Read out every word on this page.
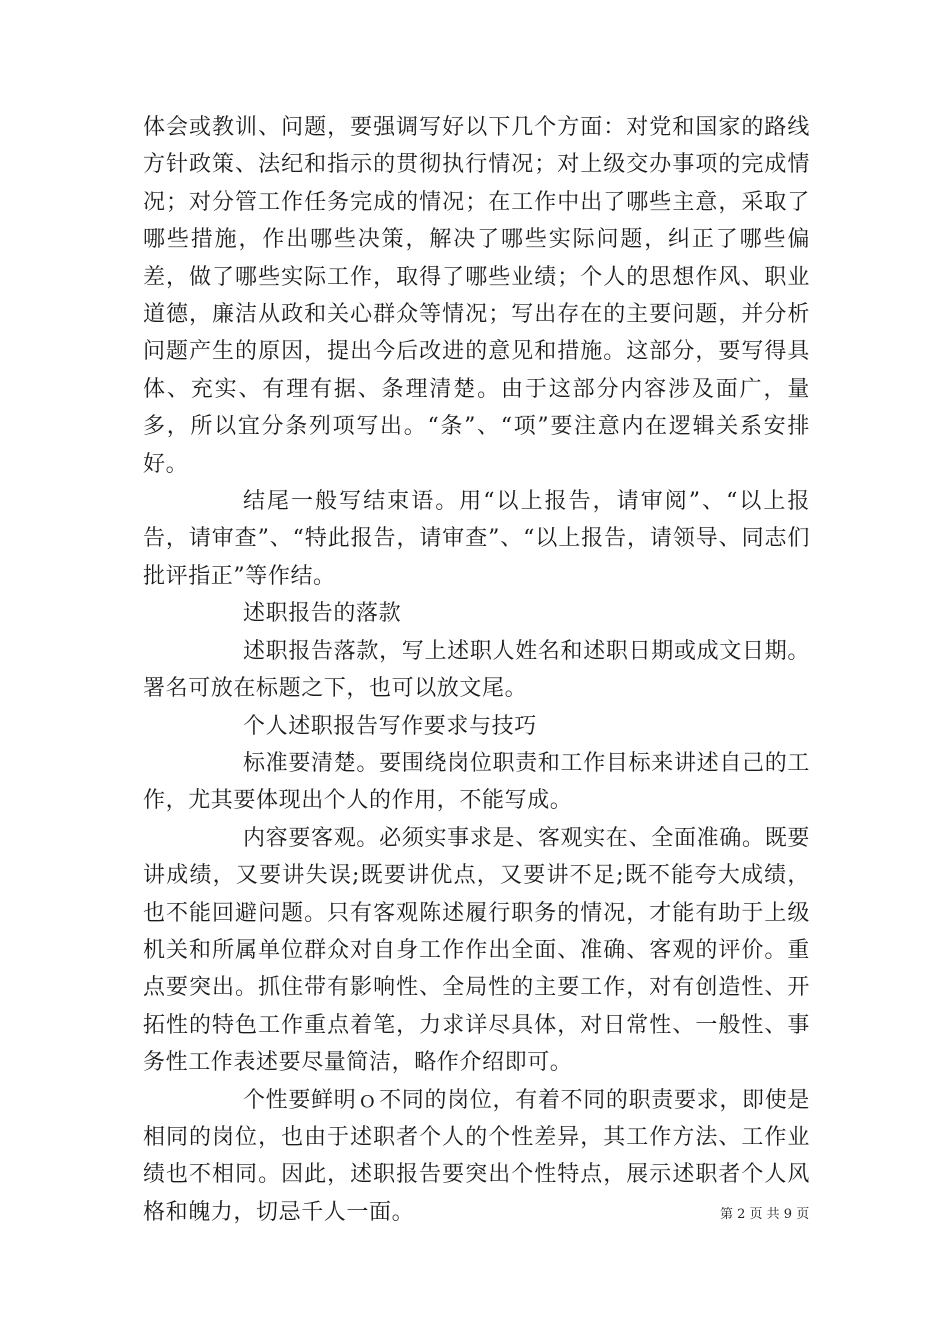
体会或教训、问题，要强调写好以下几个方面：对党和国家的路线方针政策、法纪和指示的贯彻执行情况；对上级交办事项的完成情况；对分管工作任务完成的情况；在工作中出了哪些主意，采取了哪些措施，作出哪些决策，解决了哪些实际问题，纠正了哪些偏差，做了哪些实际工作，取得了哪些业绩；个人的思想作风、职业道德，廉洁从政和关心群众等情况；写出存在的主要问题，并分析问题产生的原因，提出今后改进的意见和措施。这部分，要写得具体、充实、有理有据、条理清楚。由于这部分内容涉及面广，量多，所以宜分条列项写出。“条”、“项”要注意内在逻辑关系安排好。

结尾一般写结束语。用“以上报告，请审阅”、“以上报告，请审查”、“特此报告，请审查”、“以上报告，请领导、同志们批评指正”等作结。

述职报告的落款

述职报告落款，写上述职人姓名和述职日期或成文日期。署名可放在标题之下，也可以放文尾。

个人述职报告写作要求与技巧

标准要清楚。要围绕岗位职责和工作目标来讲述自己的工作，尤其要体现出个人的作用，不能写成。

内容要客观。必须实事求是、客观实在、全面准确。既要讲成绩，又要讲失误;既要讲优点，又要讲不足;既不能夸大成绩，也不能回避问题。只有客观陈述履行职务的情况，才能有助于上级机关和所属单位群众对自身工作作出全面、准确、客观的评价。重点要突出。抓住带有影响性、全局性的主要工作，对有创造性、开拓性的特色工作重点着笔，力求详尽具体，对日常性、一般性、事务性工作表述要尽量简洁，略作介绍即可。

个性要鲜明ｏ不同的岗位，有着不同的职责要求，即使是相同的岗位，也由于述职者个人的个性差异，其工作方法、工作业绩也不相同。因此，述职报告要突出个性特点，展示述职者个人风格和魄力，切忌千人一面。	第 2 页 共 9 页
